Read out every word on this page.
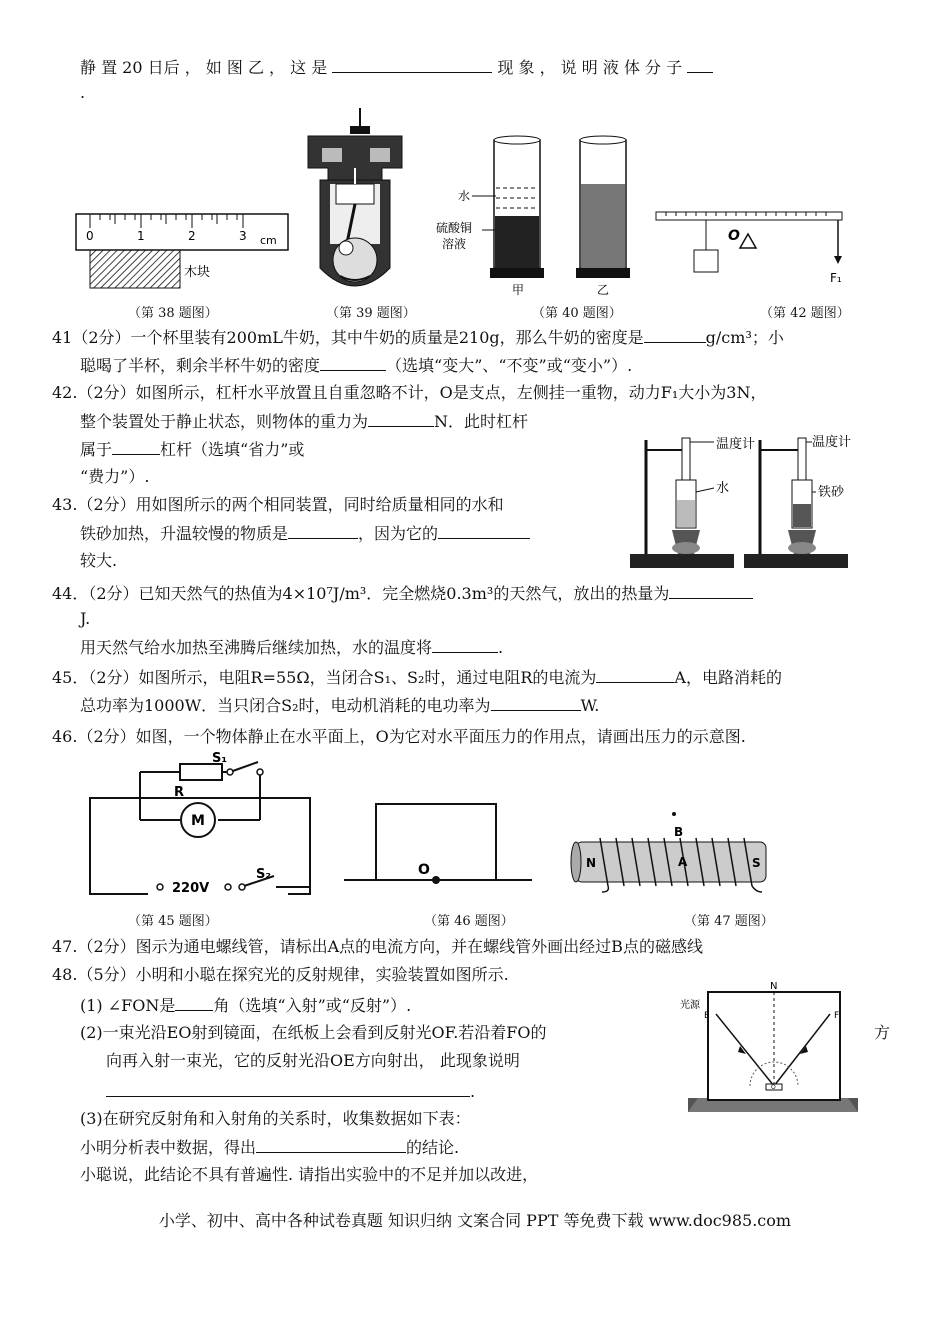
静 置 20 日后 ， 如 图 乙 ， 这 是	现 象 ， 说 明 液 体 分 子
.
0	1	2	3 cm
木块
（第 38 题图）	（第 39 题图）
水
硫酸铜
溶液
甲	乙
（第 40 题图）
O
F₁
（第 42 题图）
41（2分）一个杯里装有200mL牛奶，其中牛奶的质量是210g，那么牛奶的密度是	g/cm³；小
聪喝了半杯，剩余半杯牛奶的密度	（选填“变大”、“不变”或“变小”）.
42.（2分）如图所示，杠杆水平放置且自重忽略不计，O是支点，左侧挂一重物，动力F₁大小为3N，
整个装置处于静止状态，则物体的重力为	N．此时杠杆
属于	杠杆（选填“省力”或
“费力”）.
43.（2分）用如图所示的两个相同装置，同时给质量相同的水和
铁砂加热，升温较慢的物质是	，因为它的
较大.
温度计	温度计
水	铁砂
44．（2分）已知天然气的热值为4×10⁷J/m³．完全燃烧0.3m³的天然气，放出的热量为
J.
用天然气给水加热至沸腾后继续加热，水的温度将	.
45．（2分）如图所示，电阻R=55Ω，当闭合S₁、S₂时，通过电阻R的电流为	A，电路消耗的
总功率为1000W．当只闭合S₂时，电动机消耗的电功率为	W.
46.（2分）如图，一个物体静止在水平面上，O为它对水平面压力的作用点，请画出压力的示意图.
S₁
R
M
220V
S₂
（第 45 题图）
O
（第 46 题图）
B
N	A	S
（第 47 题图）
47.（2分）图示为通电螺线管，请标出A点的电流方向，并在螺线管外画出经过B点的磁感线
48.（5分）小明和小聪在探究光的反射规律，实验装置如图所示.
(1) ∠FON是 角（选填“入射”或“反射”）.
(2)一束光沿EO射到镜面，在纸板上会看到反射光OF.若沿着FO的	方
向再入射一束光，它的反射光沿OE方向射出， 此现象说明
.
(3)在研究反射角和入射角的关系时，收集数据如下表：
小明分析表中数据，得出	的结论.
小聪说，此结论不具有普遍性. 请指出实验中的不足并加以改进，
N
O
光源
E	F
小学、初中、高中各种试卷真题 知识归纳 文案合同 PPT 等免费下载 www.doc985.com
